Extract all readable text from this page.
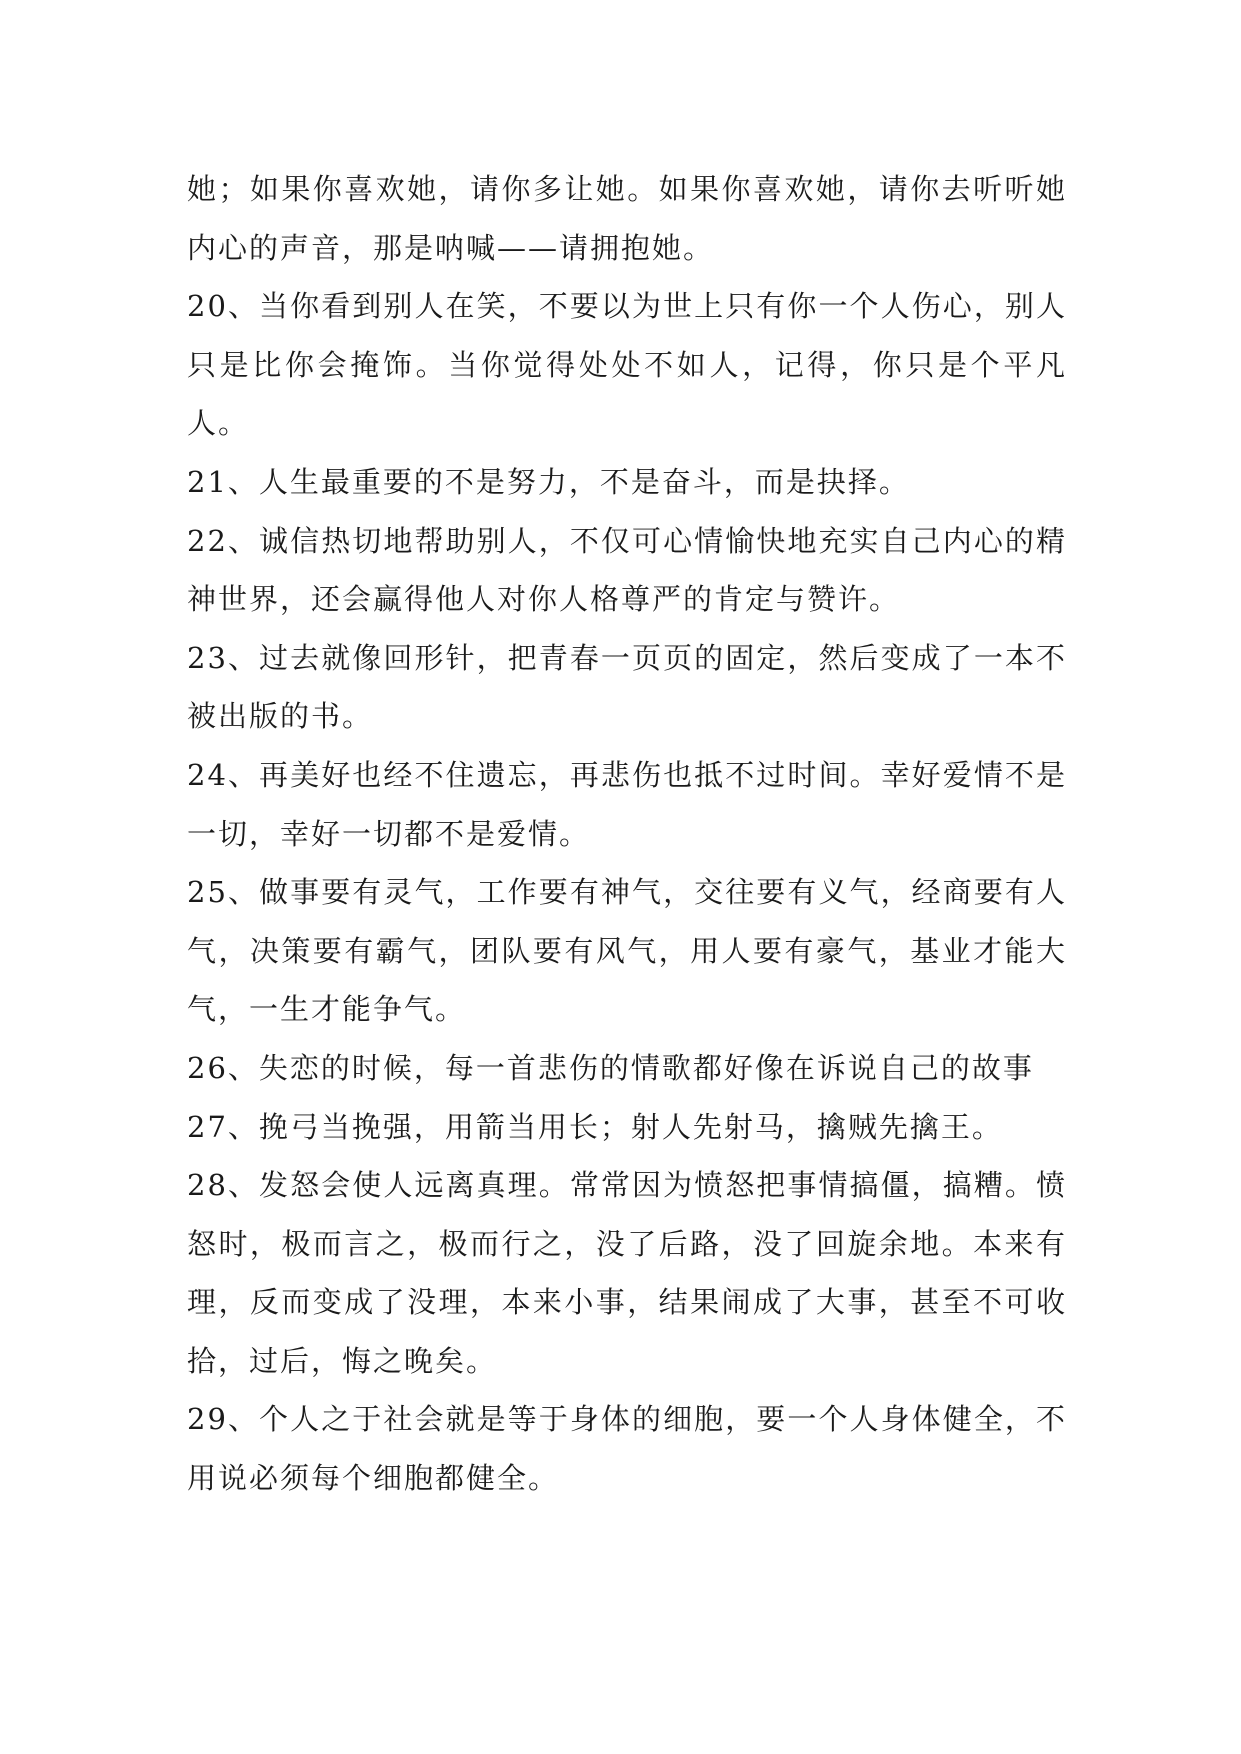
她；如果你喜欢她，请你多让她。如果你喜欢她，请你去听听她内心的声音，那是呐喊——请拥抱她。

20、当你看到别人在笑，不要以为世上只有你一个人伤心，别人只是比你会掩饰。当你觉得处处不如人，记得，你只是个平凡人。

21、人生最重要的不是努力，不是奋斗，而是抉择。

22、诚信热切地帮助别人，不仅可心情愉快地充实自己内心的精神世界，还会赢得他人对你人格尊严的肯定与赞许。

23、过去就像回形针，把青春一页页的固定，然后变成了一本不被出版的书。

24、再美好也经不住遗忘，再悲伤也抵不过时间。幸好爱情不是一切，幸好一切都不是爱情。

25、做事要有灵气，工作要有神气，交往要有义气，经商要有人气，决策要有霸气，团队要有风气，用人要有豪气，基业才能大气，一生才能争气。

26、失恋的时候，每一首悲伤的情歌都好像在诉说自己的故事

27、挽弓当挽强，用箭当用长；射人先射马，擒贼先擒王。

28、发怒会使人远离真理。常常因为愤怒把事情搞僵，搞糟。愤怒时，极而言之，极而行之，没了后路，没了回旋余地。本来有理，反而变成了没理，本来小事，结果闹成了大事，甚至不可收拾，过后，悔之晚矣。

29、个人之于社会就是等于身体的细胞，要一个人身体健全，不用说必须每个细胞都健全。
